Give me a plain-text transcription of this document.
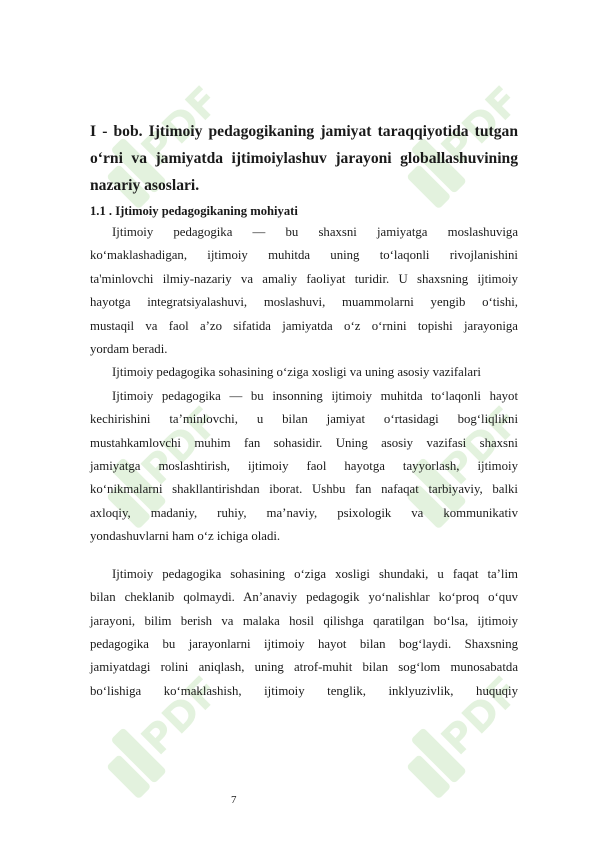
PDF	PDF
PDF	PDF
PDF	PDF
I - bob. Ijtimoiy pedagogikaning jamiyat taraqqiyotida tutgan
o‘rni va jamiyatda ijtimoiylashuv jarayoni globallashuvining
nazariy asoslari.
1.1 . Ijtimoiy pedagogikaning mohiyati
Ijtimoiy pedagogika — bu shaxsni jamiyatga moslashuviga
ko‘maklashadigan, ijtimoiy muhitda uning to‘laqonli rivojlanishini
ta'minlovchi ilmiy-nazariy va amaliy faoliyat turidir. U shaxsning ijtimoiy
hayotga integratsiyalashuvi, moslashuvi, muammolarni yengib o‘tishi,
mustaqil va faol a’zo sifatida jamiyatda o‘z o‘rnini topishi jarayoniga
yordam beradi.
Ijtimoiy pedagogika sohasining o‘ziga xosligi va uning asosiy vazifalari
Ijtimoiy pedagogika — bu insonning ijtimoiy muhitda to‘laqonli hayot
kechirishini ta’minlovchi, u bilan jamiyat o‘rtasidagi bog‘liqlikni
mustahkamlovchi muhim fan sohasidir. Uning asosiy vazifasi shaxsni
jamiyatga moslashtirish, ijtimoiy faol hayotga tayyorlash, ijtimoiy
ko‘nikmalarni shakllantirishdan iborat. Ushbu fan nafaqat tarbiyaviy, balki
axloqiy, madaniy, ruhiy, ma’naviy, psixologik va kommunikativ
yondashuvlarni ham o‘z ichiga oladi.
Ijtimoiy pedagogika sohasining o‘ziga xosligi shundaki, u faqat ta’lim
bilan cheklanib qolmaydi. An’anaviy pedagogik yo‘nalishlar ko‘proq o‘quv
jarayoni, bilim berish va malaka hosil qilishga qaratilgan bo‘lsa, ijtimoiy
pedagogika bu jarayonlarni ijtimoiy hayot bilan bog‘laydi. Shaxsning
jamiyatdagi rolini aniqlash, uning atrof-muhit bilan sog‘lom munosabatda
bo‘lishiga ko‘maklashish, ijtimoiy tenglik, inklyuzivlik, huquqiy
7
